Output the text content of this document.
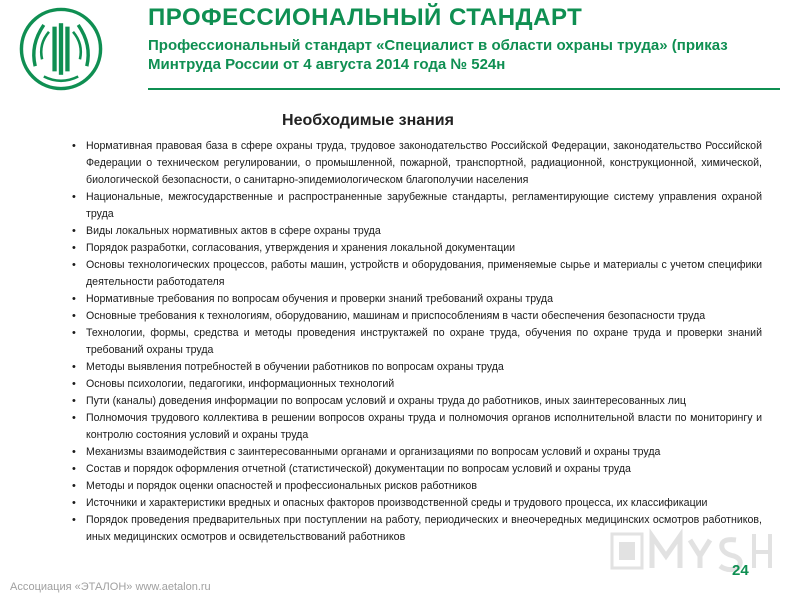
ПРОФЕССИОНАЛЬНЫЙ СТАНДАРТ
Профессиональный стандарт «Специалист в области охраны труда» (приказ Минтруда России от 4 августа 2014 года № 524н
Необходимые знания
• Нормативная правовая база в сфере охраны труда, трудовое законодательство Российской Федерации, законодательство Российской Федерации о техническом регулировании, о промышленной, пожарной, транспортной, радиационной, конструкционной, химической, биологической безопасности, о санитарно-эпидемиологическом благополучии населения
• Национальные, межгосударственные и распространенные зарубежные стандарты, регламентирующие систему управления охраной труда
• Виды локальных нормативных актов в сфере охраны труда
• Порядок разработки, согласования, утверждения и хранения локальной документации
• Основы технологических процессов, работы машин, устройств и оборудования, применяемые сырье и материалы с учетом специфики деятельности работодателя
• Нормативные требования по вопросам обучения и проверки знаний требований охраны труда
• Основные требования к технологиям, оборудованию, машинам и приспособлениям в части обеспечения безопасности труда
• Технологии, формы, средства и методы проведения инструктажей по охране труда, обучения по охране труда и проверки знаний требований охраны труда
• Методы выявления потребностей в обучении работников по вопросам охраны труда
• Основы психологии, педагогики, информационных технологий
• Пути (каналы) доведения информации по вопросам условий и охраны труда до работников, иных заинтересованных лиц
• Полномочия трудового коллектива в решении вопросов охраны труда и полномочия органов исполнительной власти по мониторингу и контролю состояния условий и охраны труда
• Механизмы взаимодействия с заинтересованными органами и организациями по вопросам условий и охраны труда
• Состав и порядок оформления отчетной (статистической) документации по вопросам условий и охраны труда
• Методы и порядок оценки опасностей и профессиональных рисков работников
• Источники и характеристики вредных и опасных факторов производственной среды и трудового процесса, их классификации
• Порядок проведения предварительных при поступлении на работу, периодических и внеочередных медицинских осмотров работников, иных медицинских осмотров и освидетельствований работников
24
Ассоциация «ЭТАЛОН» www.aetalon.ru
